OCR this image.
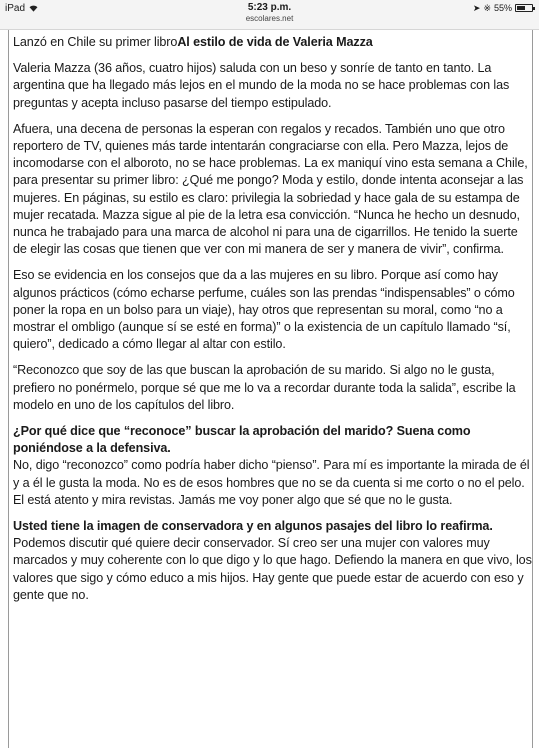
iPad	5:23 p.m.
escolares.net
➤ ※ 55%

Lanzó en Chile su primer libroAl estilo de vida de Valeria Mazza

Valeria Mazza (36 años, cuatro hijos) saluda con un beso y sonríe de tanto en tanto. La argentina que ha llegado más lejos en el mundo de la moda no se hace problemas con las preguntas y acepta incluso pasarse del tiempo estipulado.

Afuera, una decena de personas la esperan con regalos y recados. También uno que otro reportero de TV, quienes más tarde intentarán congraciarse con ella. Pero Mazza, lejos de incomodarse con el alboroto, no se hace problemas. La ex maniquí vino esta semana a Chile, para presentar su primer libro: ¿Qué me pongo? Moda y estilo, donde intenta aconsejar a las mujeres. En páginas, su estilo es claro: privilegia la sobriedad y hace gala de su estampa de mujer recatada. Mazza sigue al pie de la letra esa convicción. “Nunca he hecho un desnudo, nunca he trabajado para una marca de alcohol ni para una de cigarrillos. He tenido la suerte de elegir las cosas que tienen que ver con mi manera de ser y manera de vivir”, confirma.

Eso se evidencia en los consejos que da a las mujeres en su libro. Porque así como hay algunos prácticos (cómo echarse perfume, cuáles son las prendas “indispensables” o cómo poner la ropa en un bolso para un viaje), hay otros que representan su moral, como “no a mostrar el ombligo (aunque sí se esté en forma)” o la existencia de un capítulo llamado “sí, quiero”, dedicado a cómo llegar al altar con estilo.

“Reconozco que soy de las que buscan la aprobación de su marido. Si algo no le gusta, prefiero no ponérmelo, porque sé que me lo va a recordar durante toda la salida”, escribe la modelo en uno de los capítulos del libro.

¿Por qué dice que “reconoce” buscar la aprobación del marido? Suena como poniéndose a la defensiva.

No, digo “reconozco” como podría haber dicho “pienso”. Para mí es importante la mirada de él y a él le gusta la moda. No es de esos hombres que no se da cuenta si me corto o no el pelo. El está atento y mira revistas. Jamás me voy poner algo que sé que no le gusta.

Usted tiene la imagen de conservadora y en algunos pasajes del libro lo reafirma.

Podemos discutir qué quiere decir conservador. Sí creo ser una mujer con valores muy marcados y muy coherente con lo que digo y lo que hago. Defiendo la manera en que vivo, los valores que sigo y cómo educo a mis hijos. Hay gente que puede estar de acuerdo con eso y gente que no.
